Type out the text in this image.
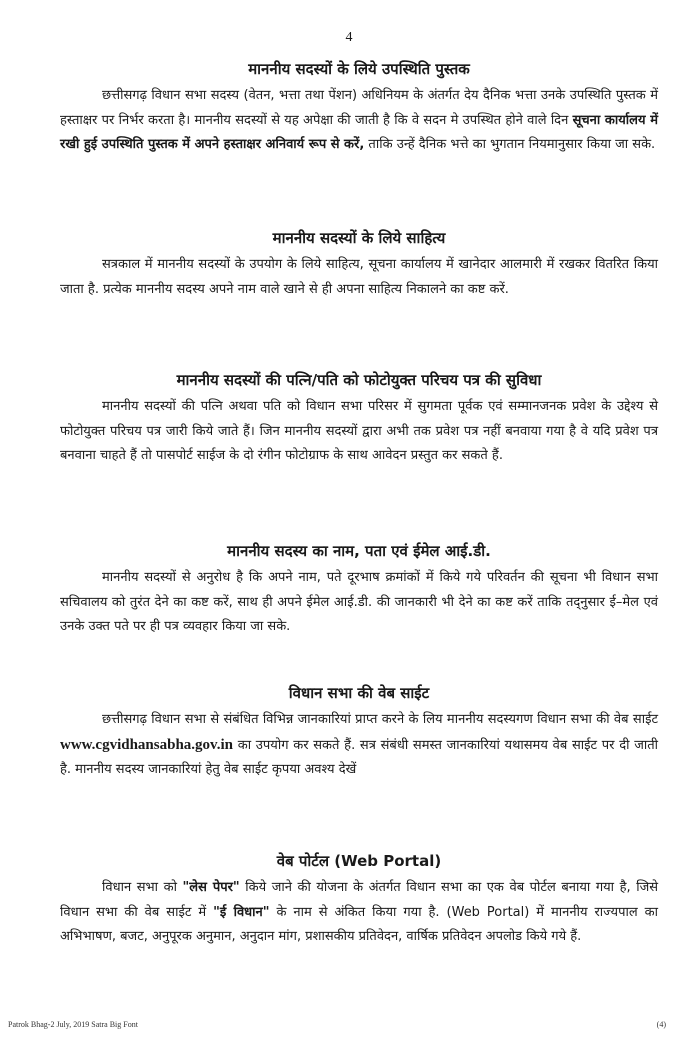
4
माननीय सदस्यों के लिये उपस्थिति पुस्तक

छत्तीसगढ़ विधान सभा सदस्य (वेतन, भत्ता तथा पेंशन) अधिनियम के अंतर्गत देय दैनिक भत्ता उनके उपस्थिति पुस्तक में हस्ताक्षर पर निर्भर करता है। माननीय सदस्यों से यह अपेक्षा की जाती है कि वे सदन मे उपस्थित होने वाले दिन सूचना कार्यालय में रखी हुई उपस्थिति पुस्तक में अपने हस्ताक्षर अनिवार्य रूप से करें, ताकि उन्हें दैनिक भत्ते का भुगतान नियमानुसार किया जा सके.

माननीय सदस्यों के लिये साहित्य

सत्रकाल में माननीय सदस्यों के उपयोग के लिये साहित्य, सूचना कार्यालय में खानेदार आलमारी में रखकर वितरित किया जाता है. प्रत्येक माननीय सदस्य अपने नाम वाले खाने से ही अपना साहित्य निकालने का कष्ट करें.

माननीय सदस्यों की पत्नि/पति को फोटोयुक्त परिचय पत्र की सुविधा

माननीय सदस्यों की पत्नि अथवा पति को विधान सभा परिसर में सुगमता पूर्वक एवं सम्मानजनक प्रवेश के उद्देश्य से फोटोयुक्त परिचय पत्र जारी किये जाते हैं। जिन माननीय सदस्यों द्वारा अभी तक प्रवेश पत्र नहीं बनवाया गया है वे यदि प्रवेश पत्र बनवाना चाहते हैं तो पासपोर्ट साईज के दो रंगीन फोटोग्राफ के साथ आवेदन प्रस्तुत कर सकते हैं.

माननीय सदस्य का नाम, पता एवं ईमेल आई.डी.

माननीय सदस्यों से अनुरोध है कि अपने नाम, पते दूरभाष क्रमांकों में किये गये परिवर्तन की सूचना भी विधान सभा सचिवालय को तुरंत देने का कष्ट करें, साथ ही अपने ईमेल आई.डी. की जानकारी भी देने का कष्ट करें ताकि तद्नुसार ई–मेल एवं उनके उक्त पते पर ही पत्र व्यवहार किया जा सके.

विधान सभा की वेब साईट

छत्तीसगढ़ विधान सभा से संबंधित विभिन्न जानकारियां प्राप्त करने के लिय माननीय सदस्यगण विधान सभा की वेब साईट www.cgvidhansabha.gov.in का उपयोग कर सकते हैं. सत्र संबंधी समस्त जानकारियां यथासमय वेब साईट पर दी जाती है. माननीय सदस्य जानकारियां हेतु वेब साईट कृपया अवश्य देखें

वेब पोर्टल (Web Portal)

विधान सभा को "लेस पेपर" किये जाने की योजना के अंतर्गत विधान सभा का एक वेब पोर्टल बनाया गया है, जिसे विधान सभा की वेब साईट में "ई विधान" के नाम से अंकित किया गया है. (Web Portal) में माननीय राज्यपाल का अभिभाषण, बजट, अनुपूरक अनुमान, अनुदान मांग, प्रशासकीय प्रतिवेदन, वार्षिक प्रतिवेदन अपलोड किये गये हैं.

Patrok Bhag-2 July, 2019 Satra Big Font	(4)
